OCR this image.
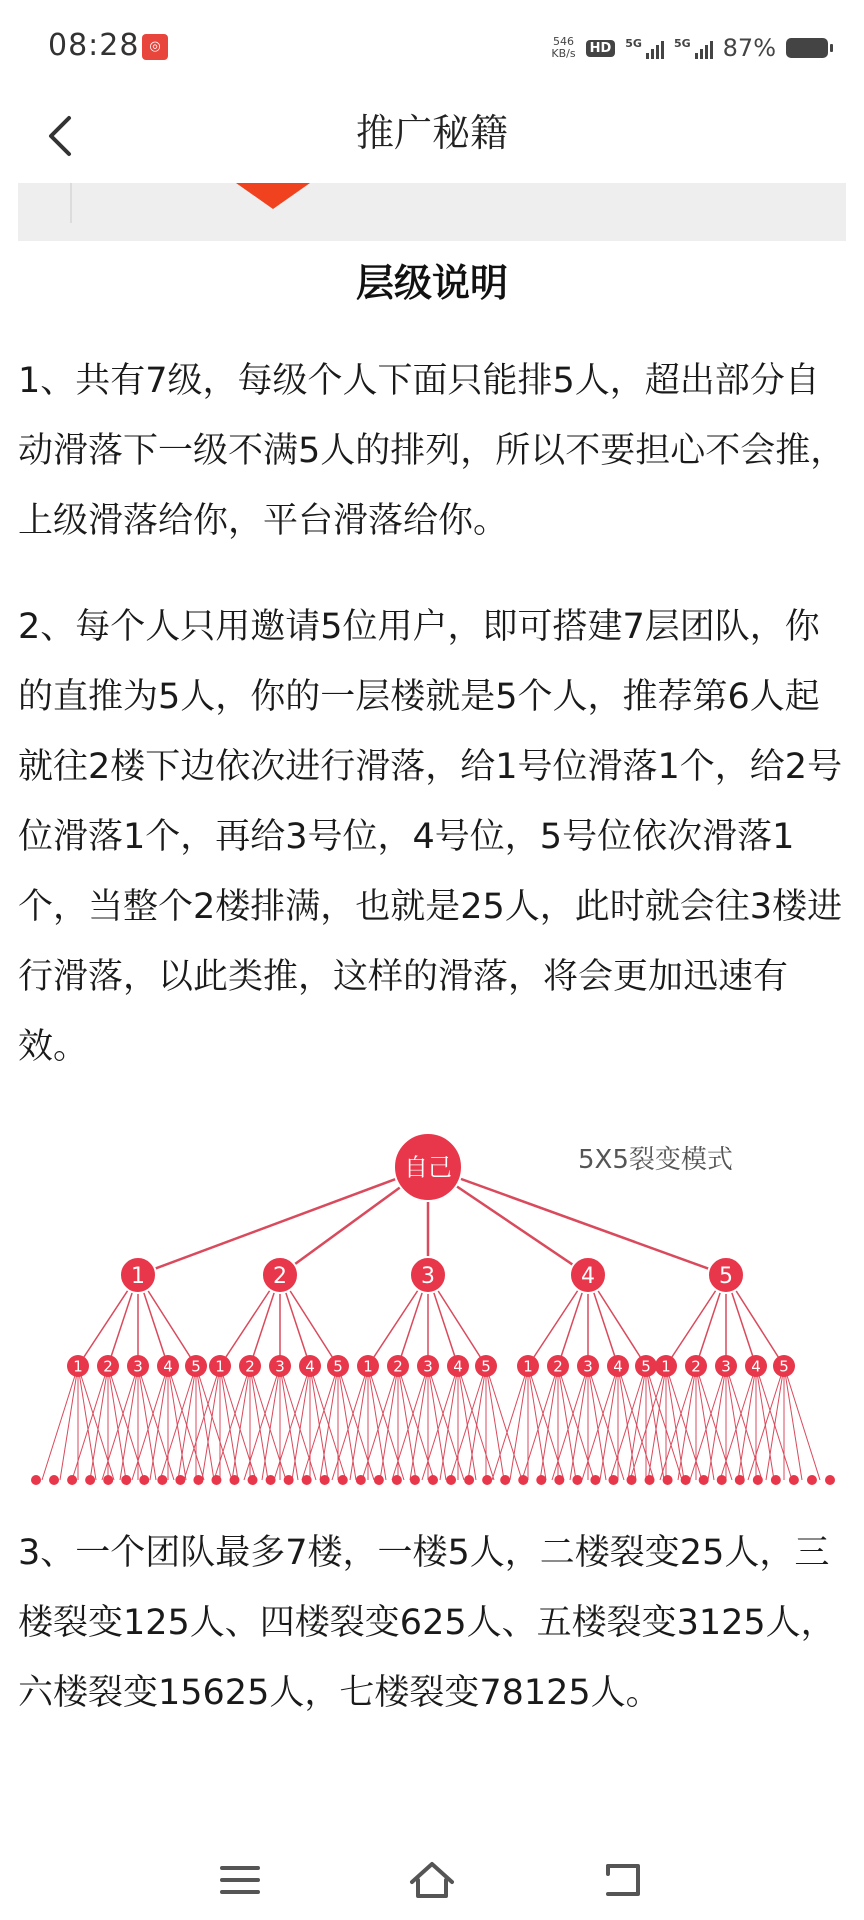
08:28 ◎	546
KB/s	HD	5G	5G 87%
推广秘籍
层级说明
1、共有7级，每级个人下面只能排5人，超出部分自动滑落下一级不满5人的排列，所以不要担心不会推，上级滑落给你，平台滑落给你。
2、每个人只用邀请5位用户，即可搭建7层团队，你的直推为5人，你的一层楼就是5个人，推荐第6人起就往2楼下边依次进行滑落，给1号位滑落1个，给2号位滑落1个，再给3号位，4号位，5号位依次滑落1个，当整个2楼排满，也就是25人，此时就会往3楼进行滑落，以此类推，这样的滑落，将会更加迅速有效。
1 2 3 4 5 1 2 3 4 5 1 2 3 4 5 1 2 3 4 5 1 2 3 4 5
1	2	3	4	5
自己	5X5裂变模式
3、一个团队最多7楼，一楼5人，二楼裂变25人，三楼裂变125人、四楼裂变625人、五楼裂变3125人，六楼裂变15625人，七楼裂变78125人。
